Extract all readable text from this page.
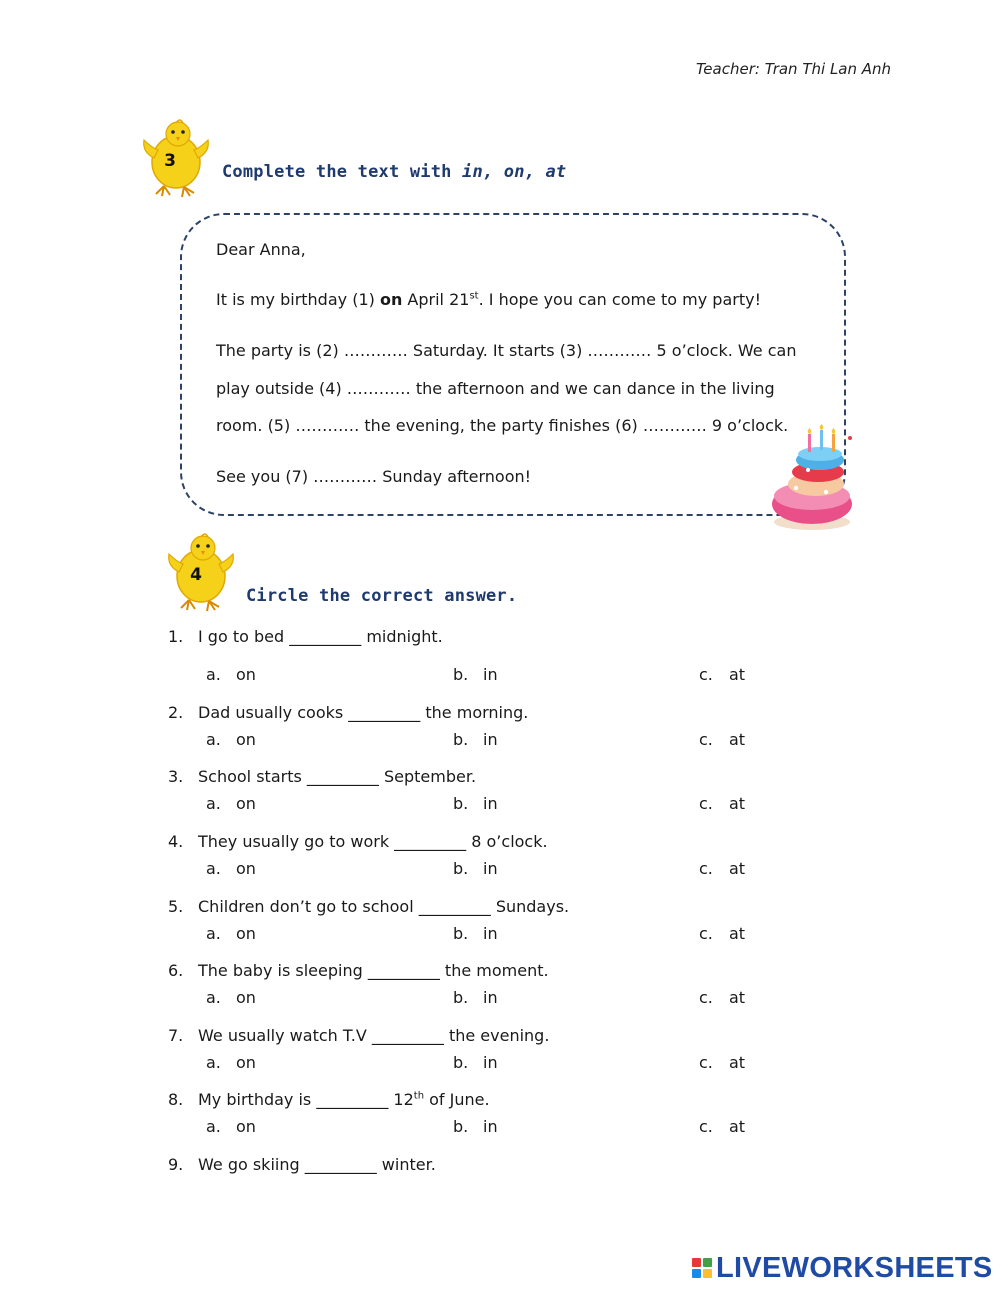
Teacher: Tran Thi Lan Anh
3
Complete the text with in, on, at
Dear Anna,
It is my birthday (1) on April 21st. I hope you can come to my party!
The party is (2) ………… Saturday. It starts (3) ………… 5 o’clock. We can
play outside (4) ………… the afternoon and we can dance in the living
room. (5) ………… the evening, the party finishes (6) ………… 9 o’clock.
See you (7) ………… Sunday afternoon!
4
Circle the correct answer.
1. I go to bed _________ midnight.
a. on	b. in	c. at
2. Dad usually cooks _________ the morning.
a. on	b. in	c. at
3. School starts _________ September.
a. on	b. in	c. at
4. They usually go to work _________ 8 o’clock.
a. on	b. in	c. at
5. Children don’t go to school _________ Sundays.
a. on	b. in	c. at
6. The baby is sleeping _________ the moment.
a. on	b. in	c. at
7. We usually watch T.V _________ the evening.
a. on	b. in	c. at
8. My birthday is _________ 12th of June.
a. on	b. in	c. at
9. We go skiing _________ winter.
LIVEWORKSHEETS
